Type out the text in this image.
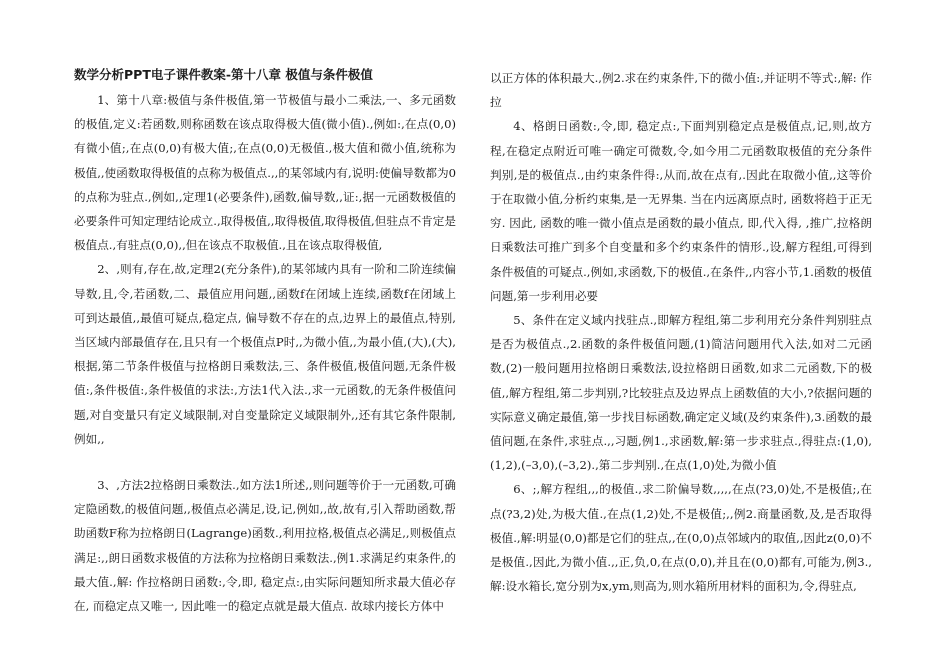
数学分析PPT电子课件教案-第十八章 极值与条件极值

1、第十八章:极值与条件极值,第一节极值与最小二乘法,一、多元函数的极值,定义:若函数,则称函数在该点取得极大值(微小值).,例如:,在点(0,0)有微小值;,在点(0,0)有极大值;,在点(0,0)无极值.,极大值和微小值,统称为极值,,使函数取得极值的点称为极值点.,,的某邻域内有,说明:使偏导数都为0的点称为驻点.,例如,,定理1(必要条件),函数,偏导数,,证:,据一元函数极值的必要条件可知定理结论成立.,取得极值,,取得极值,取得极值,但驻点不肯定是极值点.,有驻点(0,0),,但在该点不取极值.,且在该点取得极值,

2、,则有,存在,故,定理2(充分条件),的某邻域内具有一阶和二阶连续偏导数,且,令,若函数,二、最值应用问题,,函数f在闭域上连续,函数f在闭域上可到达最值,,最值可疑点,稳定点, 偏导数不存在的点,边界上的最值点,特别,当区域内部最值存在,且只有一个极值点P时,,为微小值,,为最小值,(大),(大),根据,第二节条件极值与拉格朗日乘数法,三、条件极值,极值问题,无条件极值:,条件极值:,条件极值的求法:,方法1代入法.,求一元函数,的无条件极值问题,对自变量只有定义域限制,对自变量除定义域限制外,,还有其它条件限制,例如,,

3、,方法2拉格朗日乘数法.,如方法1所述,,则问题等价于一元函数,可确定隐函数,的极值问题,,极值点必满足,设,记,例如,,故,故有,引入帮助函数,帮助函数F称为拉格朗日(Lagrange)函数.,利用拉格,极值点必满足,,则极值点满足:,,朗日函数求极值的方法称为拉格朗日乘数法.,例1.求满足约束条件,的最大值.,解: 作拉格朗日函数:,令,即, 稳定点:,由实际问题知所求最大值必存在, 而稳定点又唯一, 因此唯一的稳定点就是最大值点. 故球内接长方体中

以正方体的体积最大.,例2.求在约束条件,下的微小值:,并证明不等式:,解: 作拉

4、格朗日函数:,令,即, 稳定点:,下面判别稳定点是极值点,记,则,故方程,在稳定点附近可唯一确定可微数,令,如今用二元函数取极值的充分条件判别,是的极值点.,由约束条件得:,从而,故在点有,.因此在取微小值,,这等价于在取微小值,分析约束集,是一无界集. 当在内远离原点时, 函数将趋于正无穷. 因此, 函数的唯一微小值点是函数的最小值点, 即,代入得, ,推广,拉格朗日乘数法可推广到多个自变量和多个约束条件的情形.,设,解方程组,可得到条件极值的可疑点.,例如,求函数,下的极值.,在条件,,内容小节,1.函数的极值问题,第一步利用必要

5、条件在定义域内找驻点.,即解方程组,第二步利用充分条件判别驻点是否为极值点.,2.函数的条件极值问题,(1)简洁问题用代入法,如对二元函数,(2)一般问题用拉格朗日乘数法,设拉格朗日函数,如求二元函数,下的极值,,解方程组,第二步判别,?比较驻点及边界点上函数值的大小,?依据问题的实际意义确定最值,第一步找目标函数,确定定义域(及约束条件),3.函数的最值问题,在条件,求驻点.,,习题,例1.,求函数,解:第一步求驻点.,得驻点:(1,0),(1,2),(–3,0),(–3,2).,第二步判别.,在点(1,0)处,为微小值

6、;,解方程组,,,的极值.,求二阶偏导数,,,,,在点(?3,0)处,不是极值;,在点(?3,2)处,为极大值.,在点(1,2)处,不是极值;,,例2.商量函数,及,是否取得极值.,解:明显(0,0)都是它们的驻点,,在(0,0)点邻域内的取值,,因此z(0,0)不是极值.,因此,为微小值.,,正,负,0,在点(0,0),并且在(0,0)都有,可能为,例3.,解:设水箱长,宽分别为x,ym,则高为,则水箱所用材料的面积为,令,得驻点,
